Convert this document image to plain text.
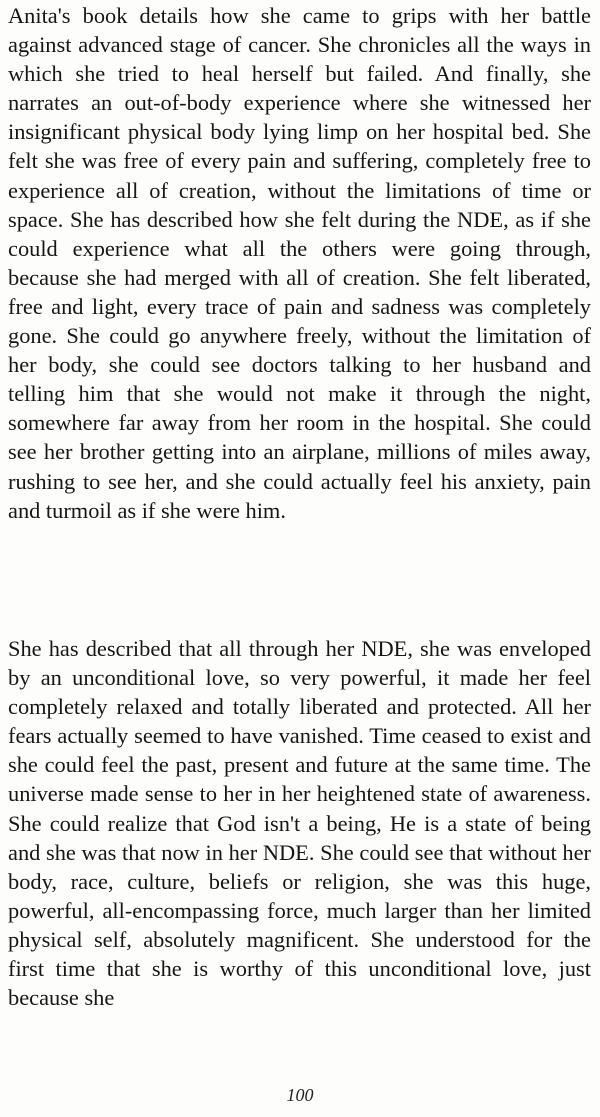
Anita's book details how she came to grips with her battle against advanced stage of cancer. She chronicles all the ways in which she tried to heal herself but failed. And finally, she narrates an out-of-body experience where she witnessed her insignificant physical body lying limp on her hospital bed. She felt she was free of every pain and suffering, completely free to experience all of creation, without the limitations of time or space. She has described how she felt during the NDE, as if she could experience what all the others were going through, because she had merged with all of creation. She felt liberated, free and light, every trace of pain and sadness was completely gone. She could go anywhere freely, without the limitation of her body, she could see doctors talking to her husband and telling him that she would not make it through the night, somewhere far away from her room in the hospital. She could see her brother getting into an airplane, millions of miles away, rushing to see her, and she could actually feel his anxiety, pain and turmoil as if she were him.

She has described that all through her NDE, she was enveloped by an unconditional love, so very powerful, it made her feel completely relaxed and totally liberated and protected. All her fears actually seemed to have vanished. Time ceased to exist and she could feel the past, present and future at the same time. The universe made sense to her in her heightened state of awareness. She could realize that God isn't a being, He is a state of being and she was that now in her NDE. She could see that without her body, race, culture, beliefs or religion, she was this huge, powerful, all-encompassing force, much larger than her limited physical self, absolutely magnificent. She understood for the first time that she is worthy of this unconditional love, just because she

100
